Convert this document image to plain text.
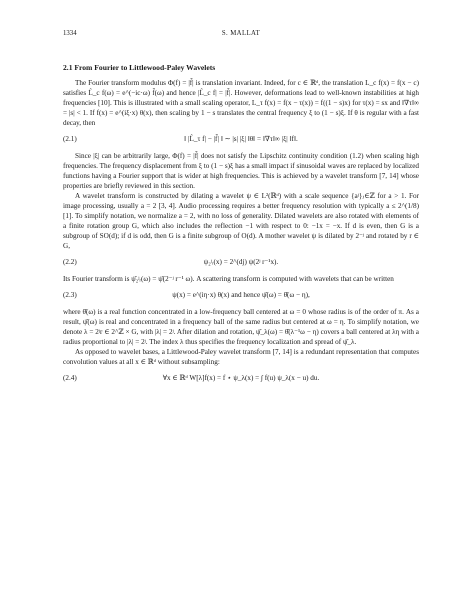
1334	S. MALLAT
2.1 From Fourier to Littlewood-Paley Wavelets

The Fourier transform modulus Φ(f) = |f̂| is translation invariant. Indeed, for c ∈ ℝᵈ, the translation L_c f(x) = f(x − c) satisfies L̂_c f(ω) = e^(−ic·ω) f̂(ω) and hence |L̂_c f| = |f̂|. However, deformations lead to well-known instabilities at high frequencies [10]. This is illustrated with a small scaling operator, L_τ f(x) = f(x − τ(x)) = f((1 − s)x) for τ(x) = sx and ‖∇τ‖∞ = |s| < 1. If f(x) = e^(iξ·x) θ(x), then scaling by 1 − s translates the central frequency ξ to (1 − s)ξ. If θ is regular with a fast decay, then

(2.1)	‖ |L̂_τ f| − |f̂| ‖ ∼ |s| |ξ| ‖θ‖ = ‖∇τ‖∞ |ξ| ‖f‖.

Since |ξ| can be arbitrarily large, Φ(f) = |f̂| does not satisfy the Lipschitz continuity condition (1.2) when scaling high frequencies. The frequency displacement from ξ to (1 − s)ξ has a small impact if sinusoidal waves are replaced by localized functions having a Fourier support that is wider at high frequencies. This is achieved by a wavelet transform [7, 14] whose properties are briefly reviewed in this section.

A wavelet transform is constructed by dilating a wavelet ψ ∈ L²(ℝᵈ) with a scale sequence {aʲ}ⱼ∈ℤ for a > 1. For image processing, usually a = 2 [3, 4]. Audio processing requires a better frequency resolution with typically a ≤ 2^(1/8) [1]. To simplify notation, we normalize a = 2, with no loss of generality. Dilated wavelets are also rotated with elements of a finite rotation group G, which also includes the reflection −1 with respect to 0: −1x = −x. If d is even, then G is a subgroup of SO(d); if d is odd, then G is a finite subgroup of O(d). A mother wavelet ψ is dilated by 2⁻ʲ and rotated by r ∈ G,

(2.2)	ψ₂ʲᵣ(x) = 2^(dj) ψ(2ʲ r⁻¹x).

Its Fourier transform is ψ̂₂ʲᵣ(ω) = ψ̂(2⁻ʲ r⁻¹ ω). A scattering transform is computed with wavelets that can be written

(2.3)	ψ(x) = e^(iη·x) θ(x) and hence ψ̂(ω) = θ̂(ω − η),

where θ̂(ω) is a real function concentrated in a low-frequency ball centered at ω = 0 whose radius is of the order of π. As a result, ψ̂(ω) is real and concentrated in a frequency ball of the same radius but centered at ω = η. To simplify notation, we denote λ = 2ʲr ∈ 2^ℤ × G, with |λ| = 2ʲ. After dilation and rotation, ψ̂_λ(ω) = θ̂(λ⁻¹ω − η) covers a ball centered at λη with a radius proportional to |λ| = 2ʲ. The index λ thus specifies the frequency localization and spread of ψ̂_λ.

As opposed to wavelet bases, a Littlewood-Paley wavelet transform [7, 14] is a redundant representation that computes convolution values at all x ∈ ℝᵈ without subsampling:

(2.4)	∀x ∈ ℝᵈ W[λ]f(x) = f ⋆ ψ_λ(x) = ∫ f(u) ψ_λ(x − u) du.
